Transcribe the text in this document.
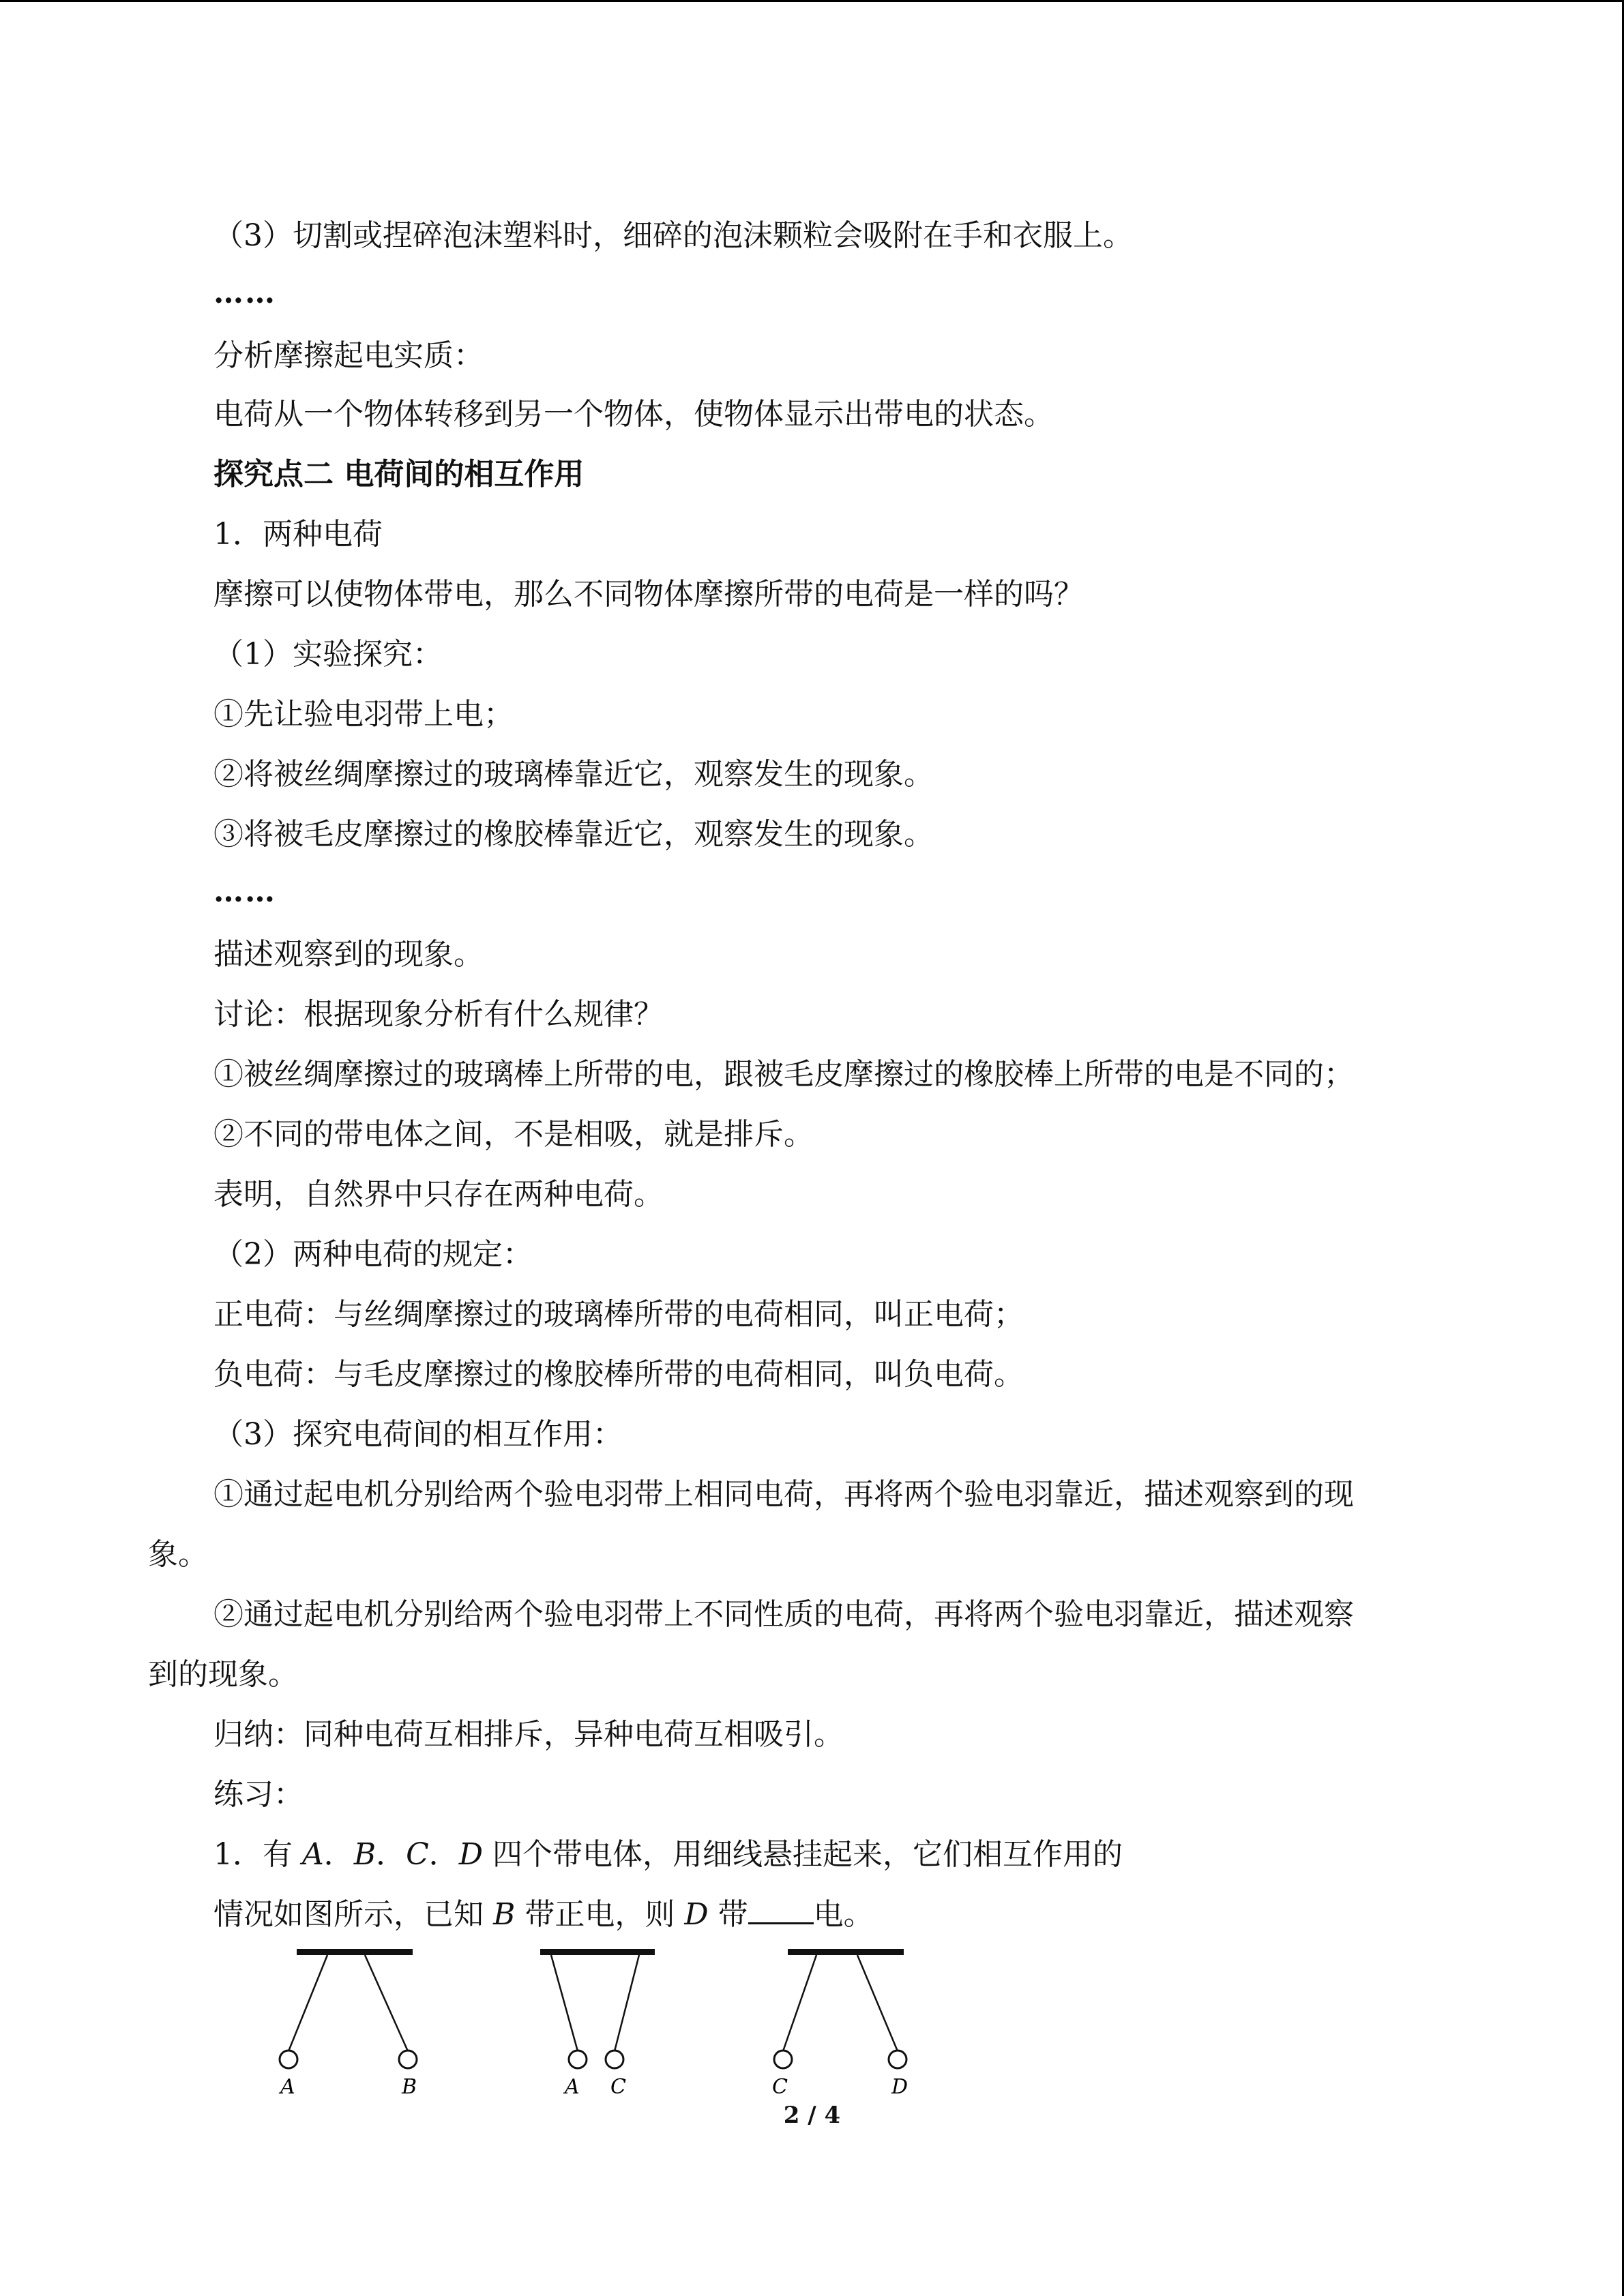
（3）切割或捏碎泡沫塑料时，细碎的泡沫颗粒会吸附在手和衣服上。
……
分析摩擦起电实质：
电荷从一个物体转移到另一个物体，使物体显示出带电的状态。
探究点二 电荷间的相互作用
1．两种电荷
摩擦可以使物体带电，那么不同物体摩擦所带的电荷是一样的吗？
（1）实验探究：
①先让验电羽带上电；
②将被丝绸摩擦过的玻璃棒靠近它，观察发生的现象。
③将被毛皮摩擦过的橡胶棒靠近它，观察发生的现象。
……
描述观察到的现象。
讨论：根据现象分析有什么规律？
①被丝绸摩擦过的玻璃棒上所带的电，跟被毛皮摩擦过的橡胶棒上所带的电是不同的；
②不同的带电体之间，不是相吸，就是排斥。
表明，自然界中只存在两种电荷。
（2）两种电荷的规定：
正电荷：与丝绸摩擦过的玻璃棒所带的电荷相同，叫正电荷；
负电荷：与毛皮摩擦过的橡胶棒所带的电荷相同，叫负电荷。
（3）探究电荷间的相互作用：
①通过起电机分别给两个验电羽带上相同电荷，再将两个验电羽靠近，描述观察到的现
象。
②通过起电机分别给两个验电羽带上不同性质的电荷，再将两个验电羽靠近，描述观察
到的现象。
归纳：同种电荷互相排斥，异种电荷互相吸引。
练习：
1．有 A．B．C．D 四个带电体，用细线悬挂起来，它们相互作用的
情况如图所示，已知 B 带正电，则 D 带 电。
A	B	A C	C	D
2 / 4
